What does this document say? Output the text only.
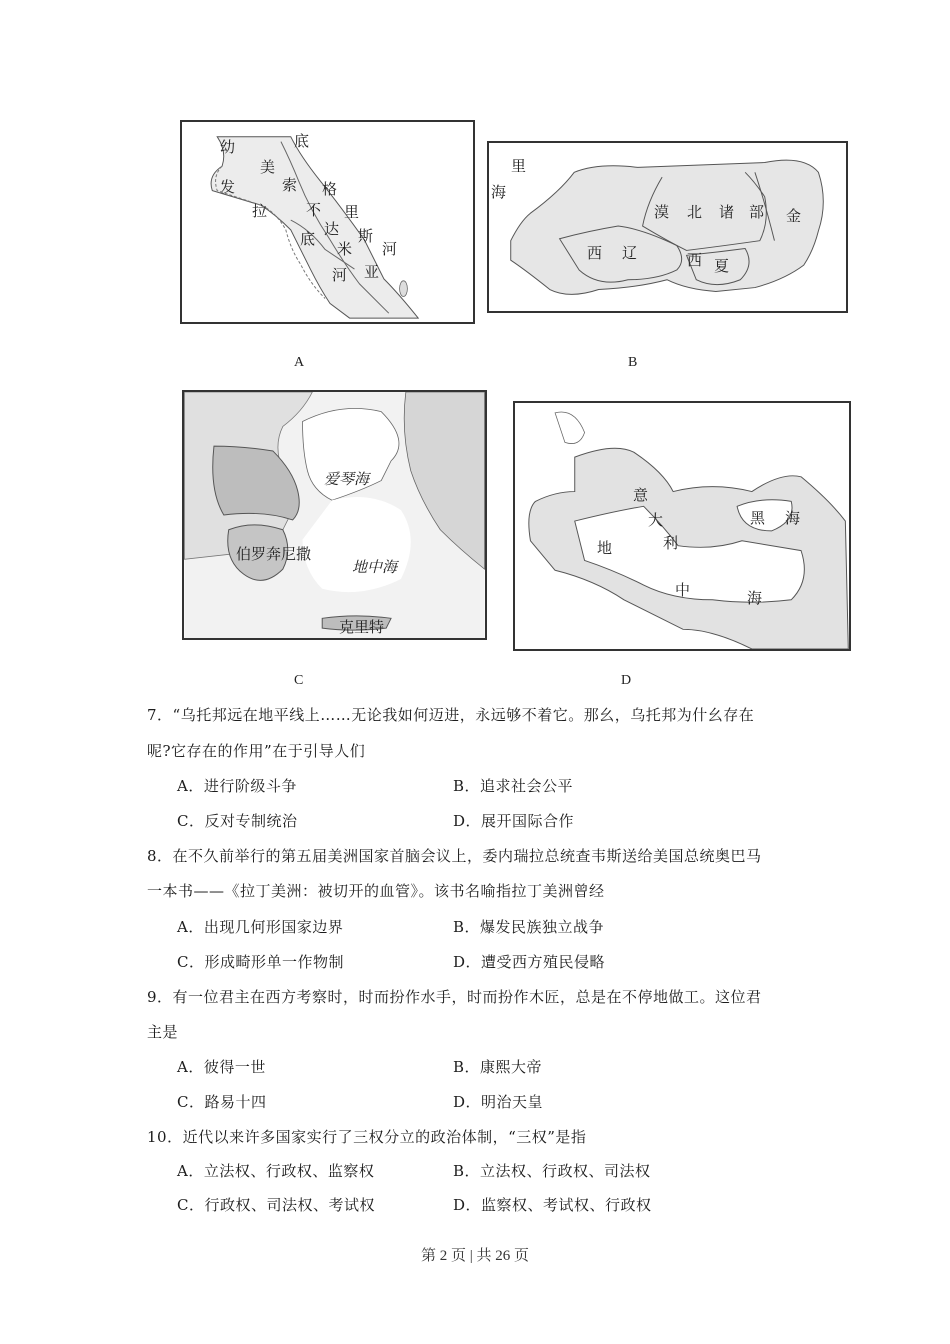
幼
发
拉
底
美
索
不
达
米
亚
底
格
里
斯
河
河
A
里
海
漠 北 诸 部 金
西 辽	西 夏
B
爱琴海
伯罗奔尼撒
地中海
克里特
C
意
大
利
地
中	海
黑 海
D
7．“乌托邦远在地平线上……无论我如何迈进，永远够不着它。那幺，乌托邦为什幺存在
呢?它存在的作用”在于引导人们
A．进行阶级斗争	B．追求社会公平
C．反对专制统治	D．展开国际合作
8．在不久前举行的第五届美洲国家首脑会议上，委内瑞拉总统查韦斯送给美国总统奥巴马
一本书——《拉丁美洲：被切开的血管》。该书名喻指拉丁美洲曾经
A．出现几何形国家边界	B．爆发民族独立战争
C．形成畸形单一作物制	D．遭受西方殖民侵略
9．有一位君主在西方考察时，时而扮作水手，时而扮作木匠，总是在不停地做工。这位君
主是
A．彼得一世	B．康熙大帝
C．路易十四	D．明治天皇
10．近代以来许多国家实行了三权分立的政治体制，“三权”是指
A．立法权、行政权、监察权	B．立法权、行政权、司法权
C．行政权、司法权、考试权	D．监察权、考试权、行政权
第 2 页 | 共 26 页
